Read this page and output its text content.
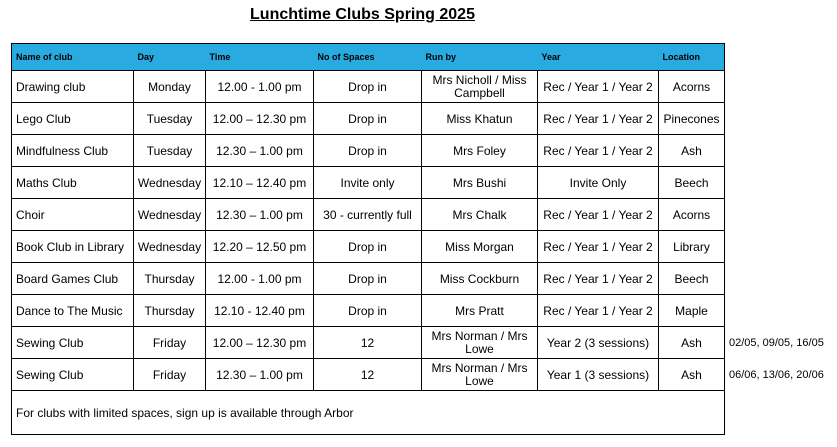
Lunchtime Clubs Spring 2025
Name of club	Day	Time	No of Spaces	Run by	Year	Location
Drawing club	Monday	12.00 - 1.00 pm	Drop in	Mrs Nicholl / Miss Campbell	Rec / Year 1 / Year 2	Acorns
Lego Club	Tuesday	12.00 – 12.30 pm	Drop in	Miss Khatun	Rec / Year 1 / Year 2	Pinecones
Mindfulness Club	Tuesday	12.30 – 1.00 pm	Drop in	Mrs Foley	Rec / Year 1 / Year 2	Ash
Maths Club	Wednesday	12.10 – 12.40 pm	Invite only	Mrs Bushi	Invite Only	Beech
Choir	Wednesday	12.30 – 1.00 pm	30 - currently full	Mrs Chalk	Rec / Year 1 / Year 2	Acorns
Book Club in Library	Wednesday	12.20 – 12.50 pm	Drop in	Miss Morgan	Rec / Year 1 / Year 2	Library
Board Games Club	Thursday	12.00 - 1.00 pm	Drop in	Miss Cockburn	Rec / Year 1 / Year 2	Beech
Dance to The Music	Thursday	12.10 - 12.40 pm	Drop in	Mrs Pratt	Rec / Year 1 / Year 2	Maple
Sewing Club	Friday	12.00 – 12.30 pm	12	Mrs Norman / Mrs Lowe	Year 2 (3 sessions)	Ash
Sewing Club	Friday	12.30 – 1.00 pm	12	Mrs Norman / Mrs Lowe	Year 1 (3 sessions)	Ash
For clubs with limited spaces, sign up is available through Arbor						
02/05, 09/05, 16/05
06/06, 13/06, 20/06
